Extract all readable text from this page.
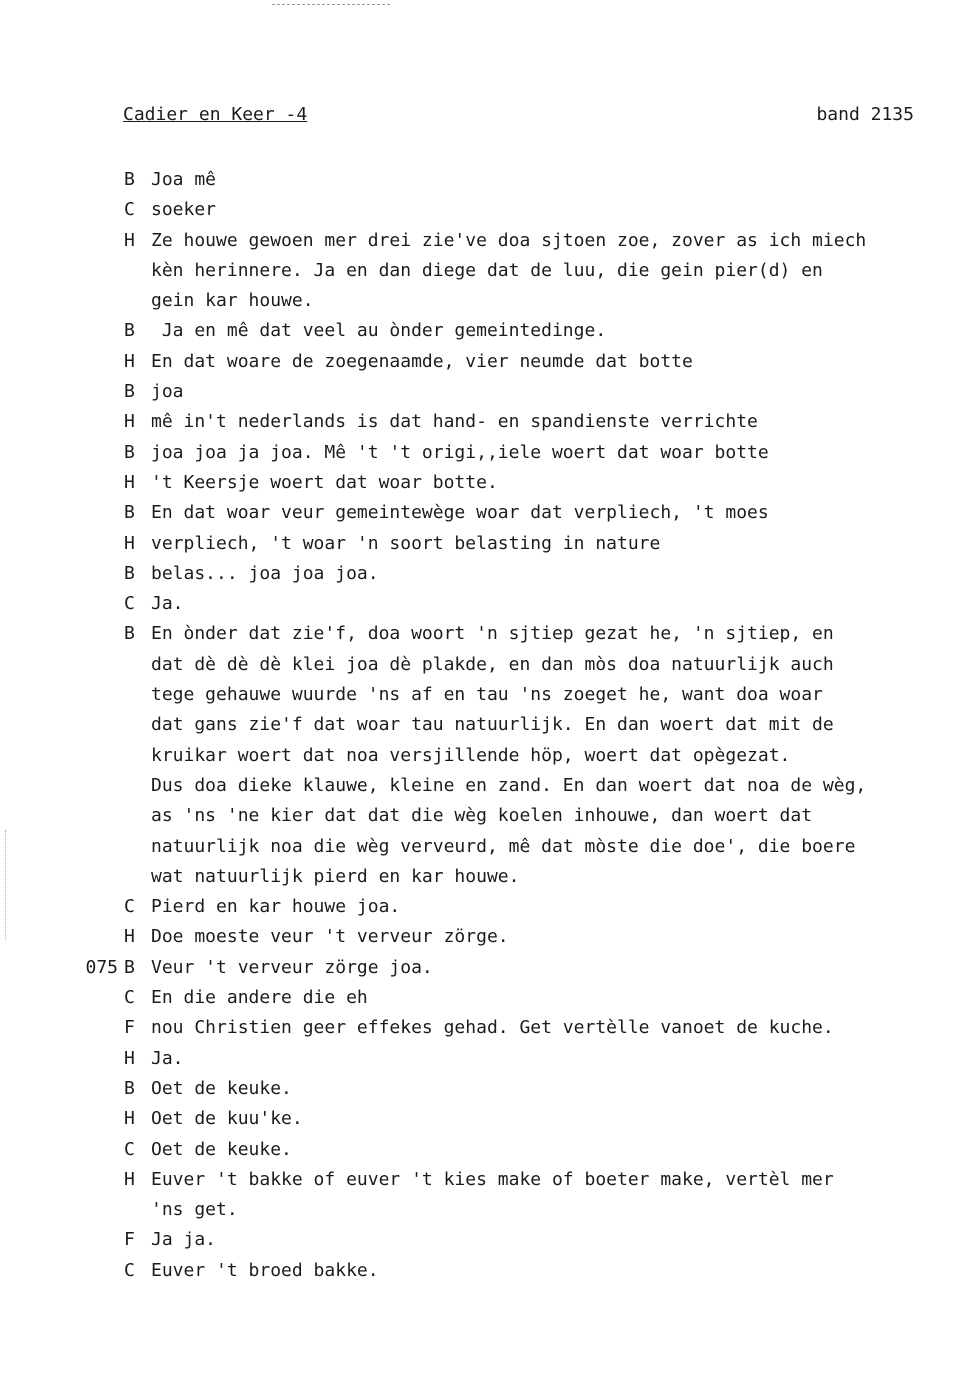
Cadier en Keer -4	band 2135
B Joa mê
C soeker
H Ze houwe gewoen mer drei zie've doa sjtoen zoe, zover as ich miech
kèn herinnere. Ja en dan diege dat de luu, die gein pier(d) en
gein kar houwe.
B Ja en mê dat veel au ònder gemeintedinge.
H En dat woare de zoegenaamde, vier neumde dat botte
B joa
H mê in't nederlands is dat hand- en spandienste verrichte
B joa joa ja joa. Mê 't 't origi,,iele woert dat woar botte
H 't Keersje woert dat woar botte.
B En dat woar veur gemeintewège woar dat verpliech, 't moes
H verpliech, 't woar 'n soort belasting in nature
B belas... joa joa joa.
C Ja.
B En ònder dat zie'f, doa woort 'n sjtiep gezat he, 'n sjtiep, en
dat dè dè dè klei joa dè plakde, en dan mòs doa natuurlijk auch
tege gehauwe wuurde 'ns af en tau 'ns zoeget he, want doa woar
dat gans zie'f dat woar tau natuurlijk. En dan woert dat mit de
kruikar woert dat noa versjillende höp, woert dat opègezat.
Dus doa dieke klauwe, kleine en zand. En dan woert dat noa de wèg,
as 'ns 'ne kier dat dat die wèg koelen inhouwe, dan woert dat
natuurlijk noa die wèg verveurd, mê dat mòste die doe', die boere
wat natuurlijk pierd en kar houwe.
C Pierd en kar houwe joa.
H Doe moeste veur 't verveur zörge.
075 B Veur 't verveur zörge joa.
C En die andere die eh
F nou Christien geer effekes gehad. Get vertèlle vanoet de kuche.
H Ja.
B Oet de keuke.
H Oet de kuu'ke.
C Oet de keuke.
H Euver 't bakke of euver 't kies make of boeter make, vertèl mer
'ns get.
F Ja ja.
C Euver 't broed bakke.
